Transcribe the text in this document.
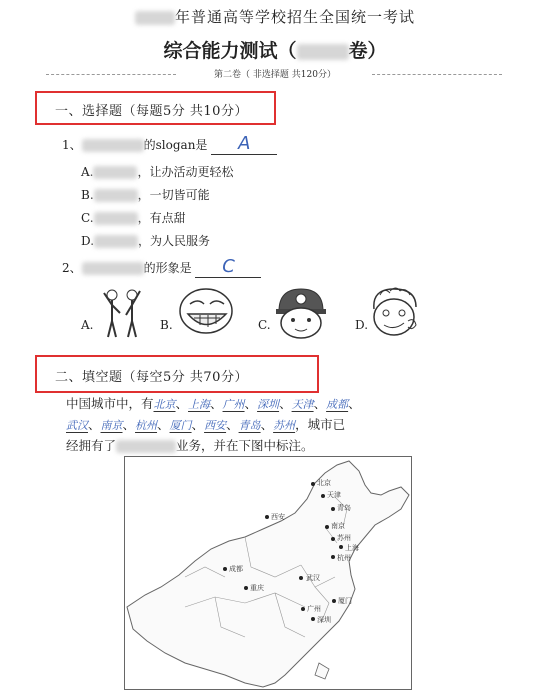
年普通高等学校招生全国统一考试
综合能力测试（	卷）
第二卷（ 非选择题 共120分）
一、选择题（每题5分 共10分）
1、	的slogan是 A
A.	，让办活动更轻松
B.	，一切皆可能
C.	，有点甜
D.	，为人民服务
2、	的形象是 C
A.	B.	C.	D.
二、填空题（每空5分 共70分）
中国城市中，有北京、上海、广州、深圳、天津、成都、
武汉、南京、杭州、厦门、西安、青岛、苏州，城市已
经拥有了	业务，并在下图中标注。
北京
天津
青岛
西安
南京
苏州
上海
杭州
成都
重庆
武汉
厦门
广州
深圳
